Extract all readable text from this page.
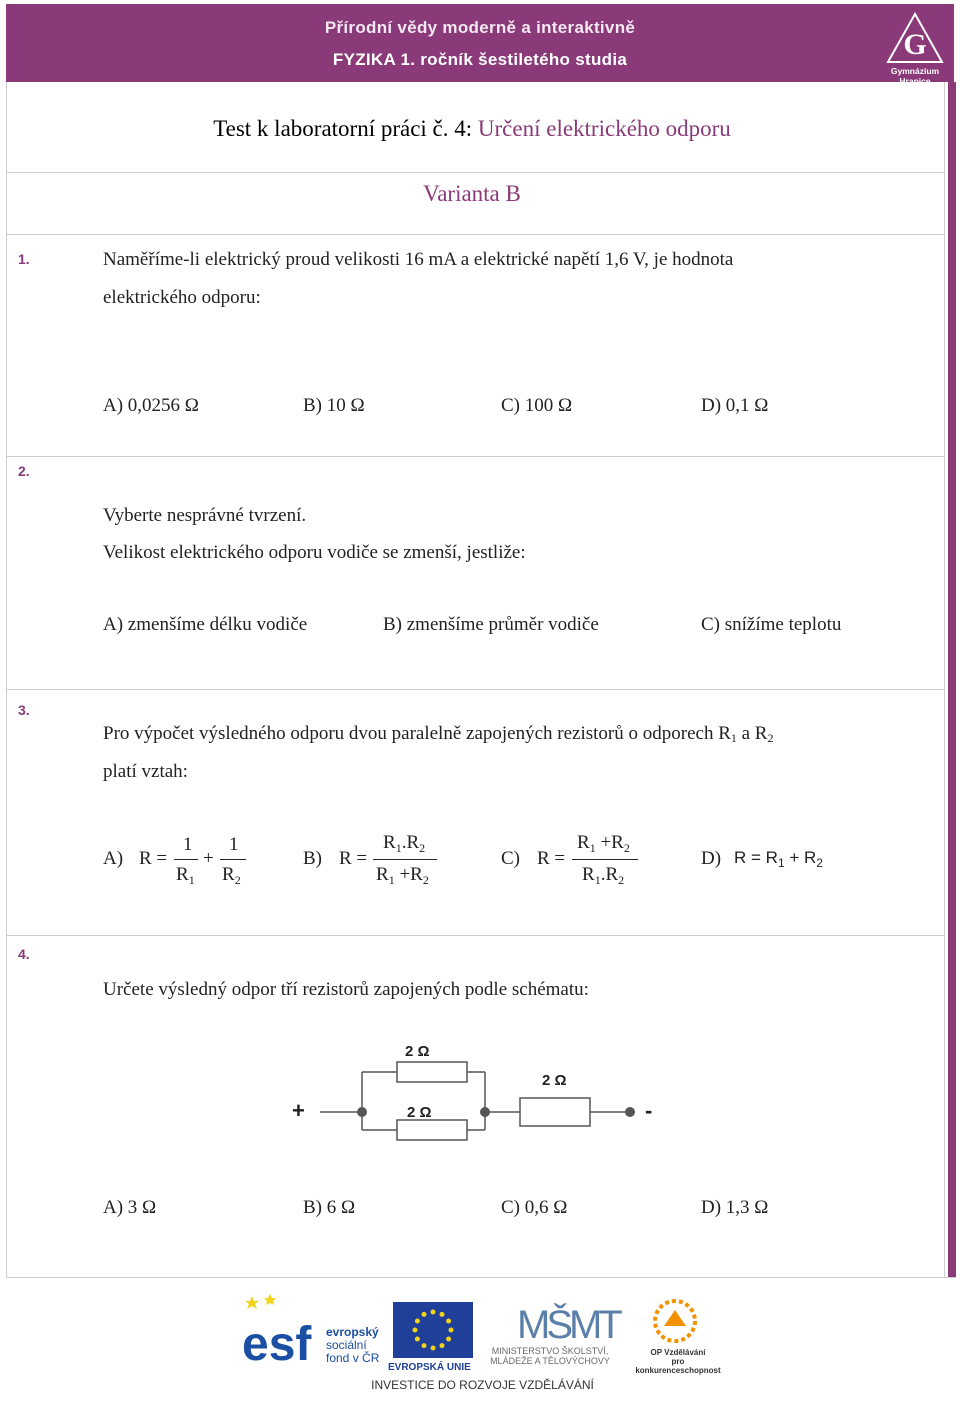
Přírodní vědy moderně a interaktivně
FYZIKA 1. ročník šestiletého studia	G
Gymnázium
Hranice
Test k laboratorní práci č. 4: Určení elektrického odporu
Varianta B
1.	Naměříme-li elektrický proud velikosti 16 mA a elektrické napětí 1,6 V, je hodnota
elektrického odporu:
A) 0,0256 Ω	B) 10 Ω	C) 100 Ω	D) 0,1 Ω
2.
Vyberte nesprávné tvrzení.
Velikost elektrického odporu vodiče se zmenší, jestliže:
A) zmenšíme délku vodiče	B) zmenšíme průměr vodiče	C) snížíme teplotu
3.
Pro výpočet výsledného odporu dvou paralelně zapojených rezistorů o odporech $R_1$ a $R_2$
platí vztah:
A) R =
1
$R_1$
+
1
$R_2$
B) R =
$R_1.R_2$
$R_1 +R_2$
C) R =
$R_1 +R_2$
$R_1.R_2$
D) $R = R_1 + R_2$
4.
Určete výsledný odpor tří rezistorů zapojených podle schématu:
+	-
2 Ω
2 Ω
2 Ω
A) 3 Ω	B) 6 Ω	C) 0,6 Ω	D) 1,3 Ω
esf evropský
sociální
fond v ČR
EVROPSKÁ UNIE
MŠMT
MINISTERSTVO ŠKOLSTVÍ,
MLÁDEŽE A TĚLOVÝCHOVY
OP Vzdělávání
pro konkurenceschopnost
INVESTICE DO ROZVOJE VZDĚLÁVÁNÍ
